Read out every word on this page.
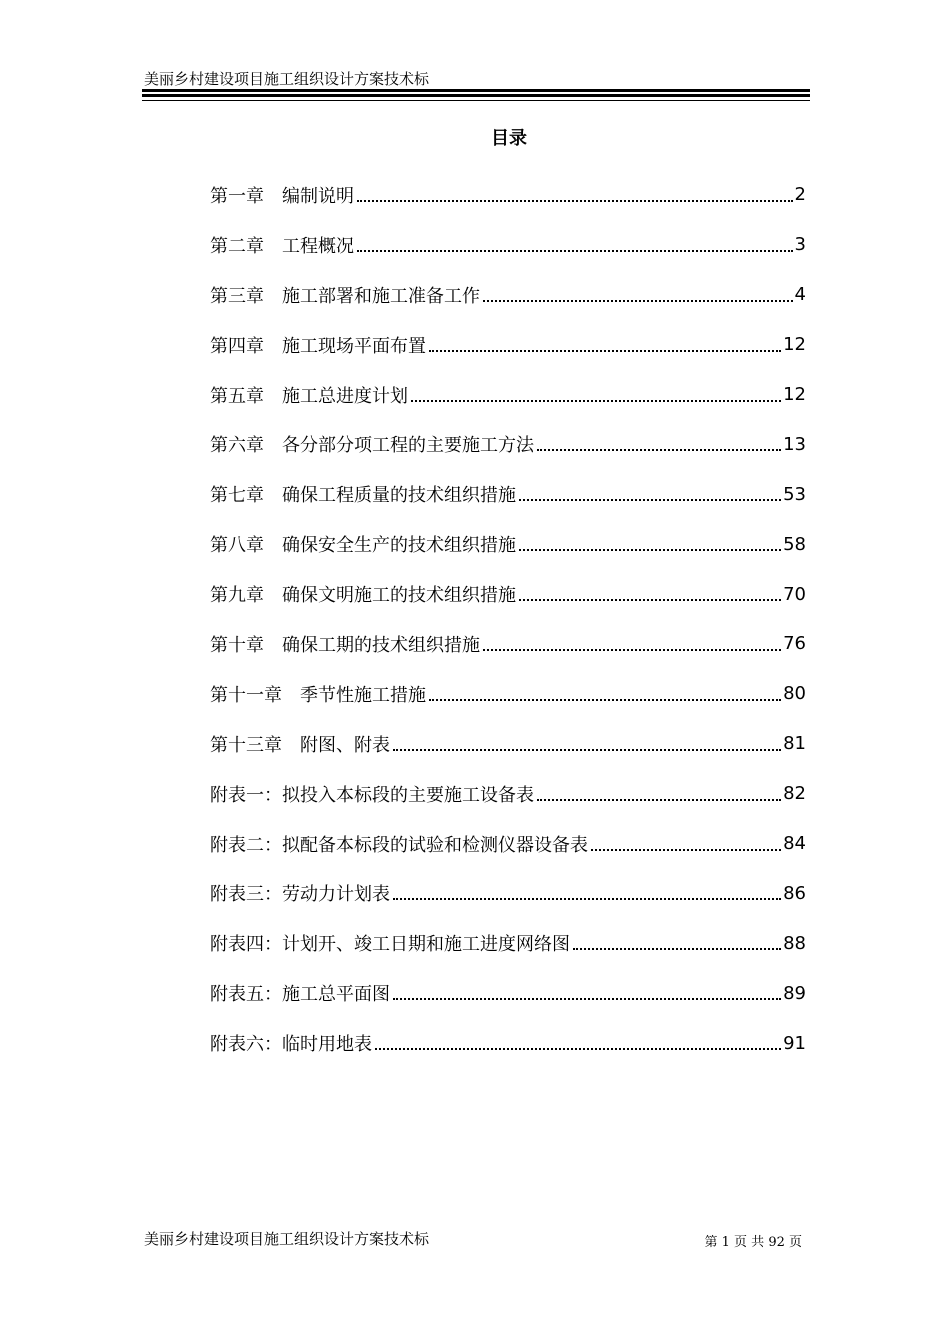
美丽乡村建设项目施工组织设计方案技术标
目录
第一章　编制说明	2
第二章　工程概况	3
第三章　施工部署和施工准备工作	4
第四章　施工现场平面布置	12
第五章　施工总进度计划	12
第六章　各分部分项工程的主要施工方法	13
第七章　确保工程质量的技术组织措施	53
第八章　确保安全生产的技术组织措施	58
第九章　确保文明施工的技术组织措施	70
第十章　确保工期的技术组织措施	76
第十一章　季节性施工措施	80
第十三章　附图、附表	81
附表一：拟投入本标段的主要施工设备表	82
附表二：拟配备本标段的试验和检测仪器设备表	84
附表三：劳动力计划表	86
附表四：计划开、竣工日期和施工进度网络图	88
附表五：施工总平面图	89
附表六：临时用地表	91
美丽乡村建设项目施工组织设计方案技术标	第 1 页 共 92 页
